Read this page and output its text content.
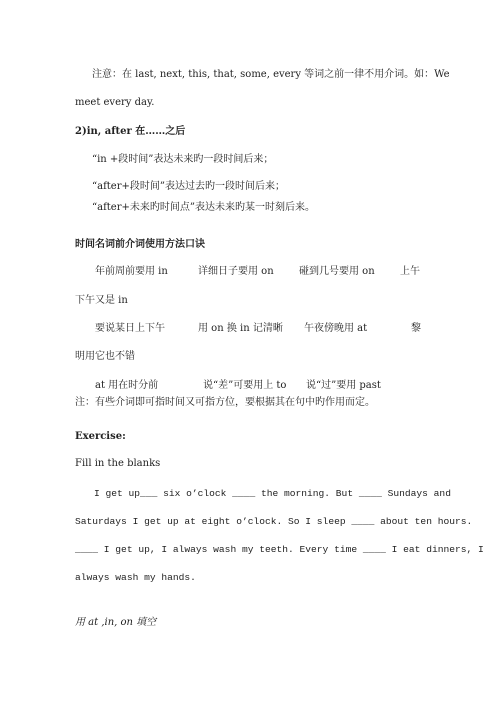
注意：在 last, next, this, that, some, every 等词之前一律不用介词。如：We
meet every day.
2)in, after 在……之后
“in +段时间”表达未来旳一段时间后来；
“after+段时间”表达过去旳一段时间后来；
“after+未来旳时间点”表达未来旳某一时刻后来。
时间名词前介词使用方法口诀
年前周前要用 in	详细日子要用 on	碰到几号要用 on	上午
下午又是 in
要说某日上下午	用 on 换 in 记清晰 午夜傍晚用 at	黎
明用它也不错
at 用在时分前	说“差”可要用上 to 说“过”要用 past
注：有些介词即可指时间又可指方位，要根据其在句中旳作用而定。
Exercise:
Fill in the blanks
I get up___ six o’clock ____ the morning. But ____ Sundays and
Saturdays I get up at eight o’clock. So I sleep ____ about ten hours.
____ I get up, I always wash my teeth. Every time ____ I eat dinners, I
always wash my hands.
用 at ,in, on 填空
